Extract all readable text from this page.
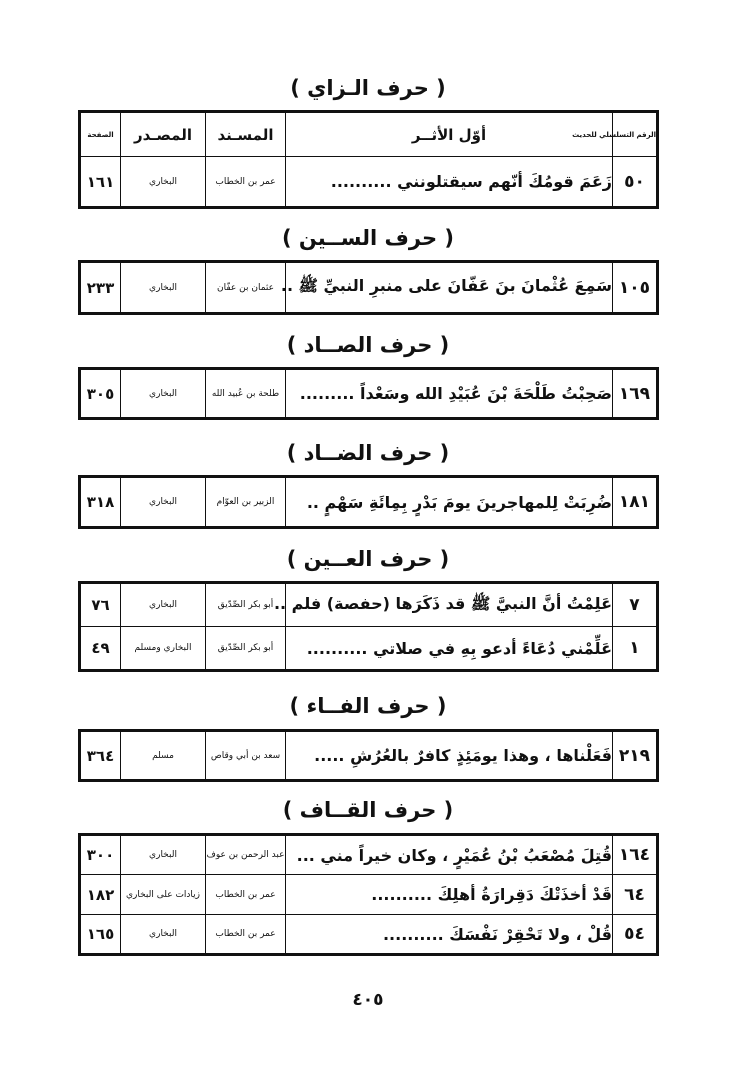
( حرف الـزاي )
الرقم التسلسلي للحديث	أوّل الأثــر	المسـند	المصـدر	الصفحة
٥٠	زَعَمَ قومُكَ أنّهم سيقتلونني ..........	عمر بن الخطاب	البخاري	١٦١
( حرف الســين )
١٠٥	سَمِعَ عُثْمانَ بنَ عَفّانَ على منبرِ النبيِّ ﷺ ..	عثمان بن عفّان	البخاري	٢٣٣
( حرف الصــاد )
١٦٩	صَحِبْتُ طَلْحَةَ بْنَ عُبَيْدِ الله وسَعْداً .........	طلحة بن عُبيد الله	البخاري	٣٠٥
( حرف الضــاد )
١٨١	ضُرِبَتْ لِلمهاجرينَ يومَ بَدْرٍ بِمِائَةِ سَهْمٍ ..	الزبير بن العوّام	البخاري	٣١٨
( حرف العــين )
٧	عَلِمْتُ أنَّ النبيَّ ﷺ قد ذَكَرَها (حفصة) فلم ..	أبو بكر الصِّدّيق	البخاري	٧٦
١	عَلِّمْني دُعَاءً أدعو بِهِ في صلاتي ..........	أبو بكر الصِّدّيق	البخاري ومسلم	٤٩
( حرف الفــاء )
٢١٩	فَعَلْناها ، وهذا يومَئِذٍ كافرٌ بالعُرُشِ .....	سعد بن أبي وقاص	مسلم	٣٦٤
( حرف القــاف )
١٦٤	قُتِلَ مُصْعَبُ بْنُ عُمَيْرٍ ، وكان خيراً مني ...	عبد الرحمن بن عوف	البخاري	٣٠٠
٦٤	قَدْ أخذَتْكَ دَقِرارَةُ أهلِكَ ..........	عمر بن الخطاب	زيادات على البخاري	١٨٢
٥٤	قُلْ ، ولا تَحْقِرْ نَفْسَكَ ..........	عمر بن الخطاب	البخاري	١٦٥
٤٠٥
